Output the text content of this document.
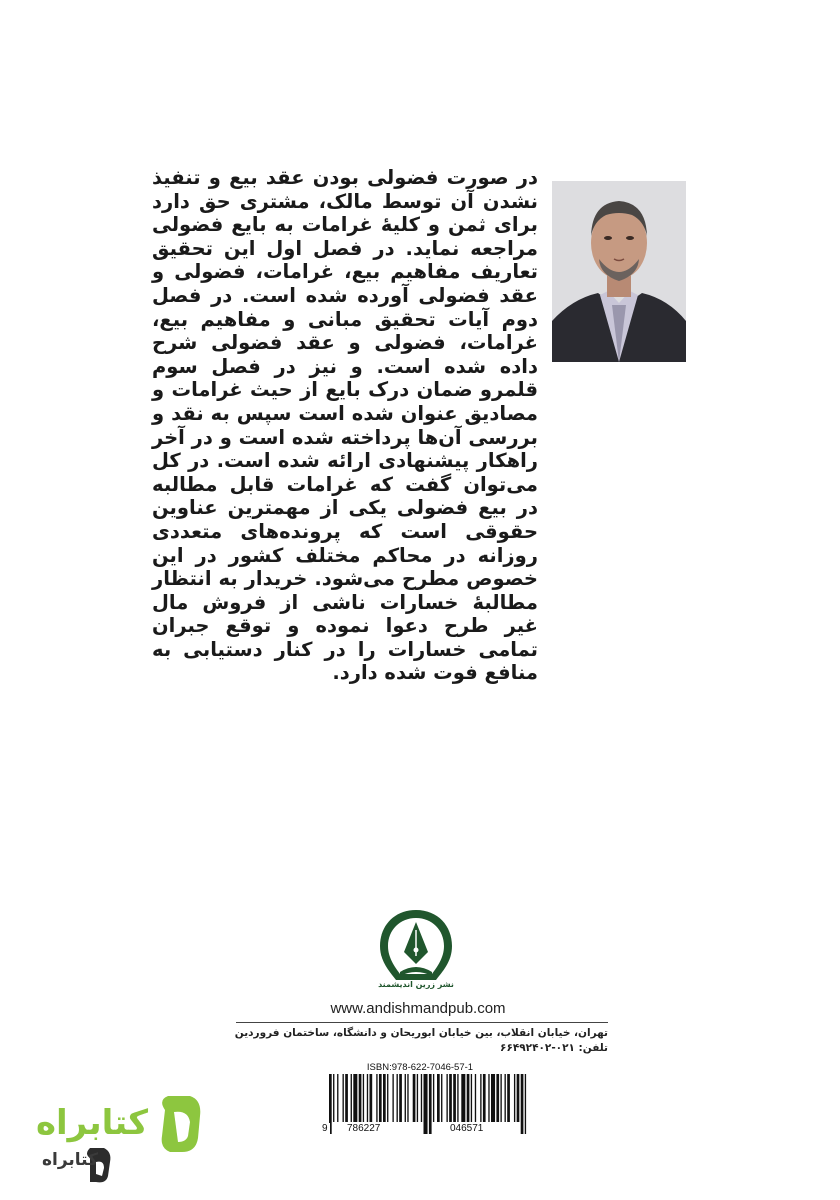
در صورت فضولی بودن عقد بیع و تنفیذ نشدن آن توسط مالک، مشتری حق دارد برای ثمن و کلیهٔ غرامات به بایع فضولی مراجعه نماید. در فصل اول این تحقیق تعاریف مفاهیم بیع، غرامات، فضولی و عقد فضولی آورده شده است. در فصل دوم آیات تحقیق مبانی و مفاهیم بیع، غرامات، فضولی و عقد فضولی شرح داده شده است. و نیز در فصل سوم قلمرو ضمان درک بایع از حیث غرامات و مصادیق عنوان شده است سپس به نقد و بررسی آن‌ها پرداخته شده است و در آخر راهکار پیشنهادی ارائه شده است. در کل می‌توان گفت که غرامات قابل مطالبه در بیع فضولی یکی از مهمترین عناوین حقوقی است که پرونده‌های متعددی روزانه در محاکم مختلف کشور در این خصوص مطرح می‌شود. خریدار به انتظار مطالبهٔ خسارات ناشی از فروش مال غیر طرح دعوا نموده و توقع جبران تمامی خسارات را در کنار دستیابی به منافع فوت شده دارد.

نشر زرین اندیشمند
www.andishmandpub.com
تهران، خیابان انقلاب، بین خیابان ابوریحان و دانشگاه، ساختمان فروردین
تلفن: ۰۲۱-۶۶۴۹۲۴۰۲
ISBN:978-622-7046-57-1
9 786227	046571
کتابراه
کتابراه
